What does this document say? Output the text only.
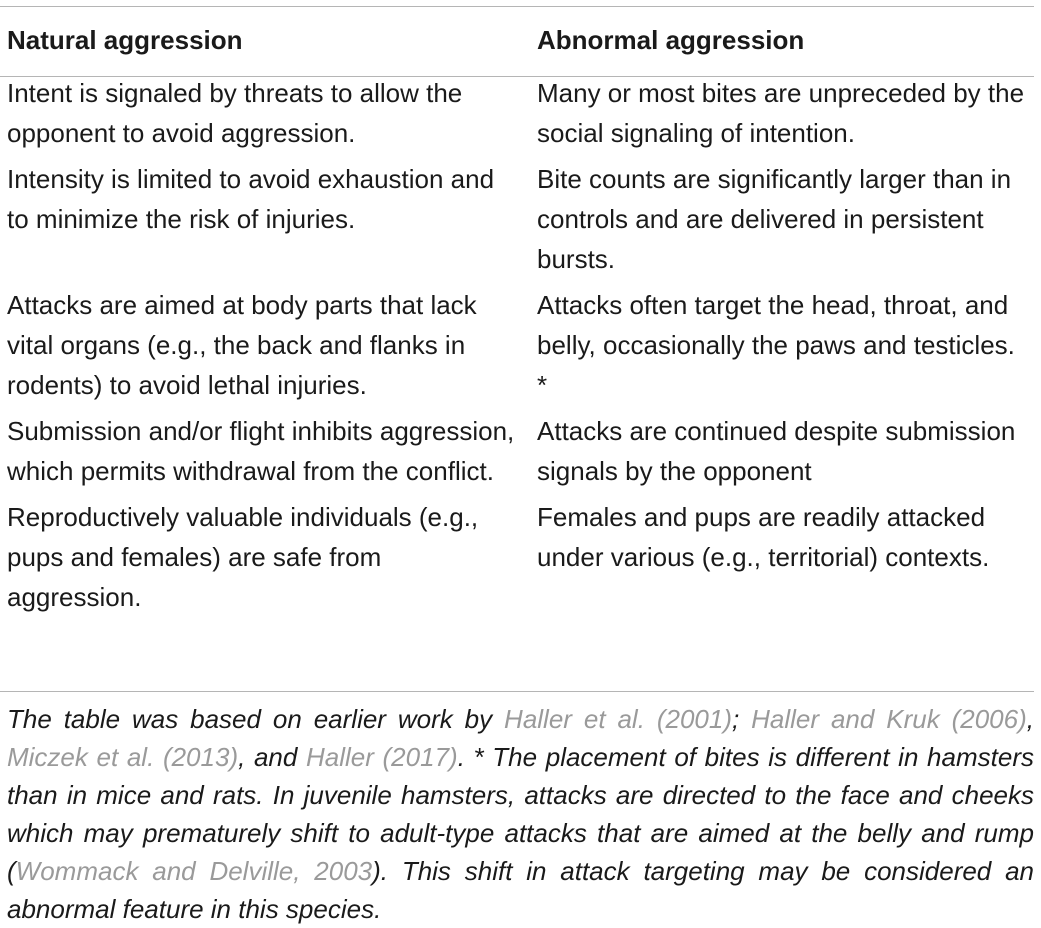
Natural aggression	Abnormal aggression
Intent is signaled by threats to allow the opponent to avoid aggression.	Many or most bites are unpreceded by the social signaling of intention.
Intensity is limited to avoid exhaustion and to minimize the risk of injuries.	Bite counts are significantly larger than in controls and are delivered in persistent bursts.
Attacks are aimed at body parts that lack vital organs (e.g., the back and flanks in rodents) to avoid lethal injuries.	Attacks often target the head, throat, and belly, occasionally the paws and testicles. *
Submission and/or flight inhibits aggression, which permits withdrawal from the conflict.	Attacks are continued despite submission signals by the opponent
Reproductively valuable individuals (e.g., pups and females) are safe from aggression.	Females and pups are readily attacked under various (e.g., territorial) contexts.
The table was based on earlier work by Haller et al. (2001); Haller and Kruk (2006), Miczek et al. (2013), and Haller (2017). * The placement of bites is different in hamsters than in mice and rats. In juvenile hamsters, attacks are directed to the face and cheeks which may prematurely shift to adult-type attacks that are aimed at the belly and rump (Wommack and Delville, 2003). This shift in attack targeting may be considered an abnormal feature in this species.
